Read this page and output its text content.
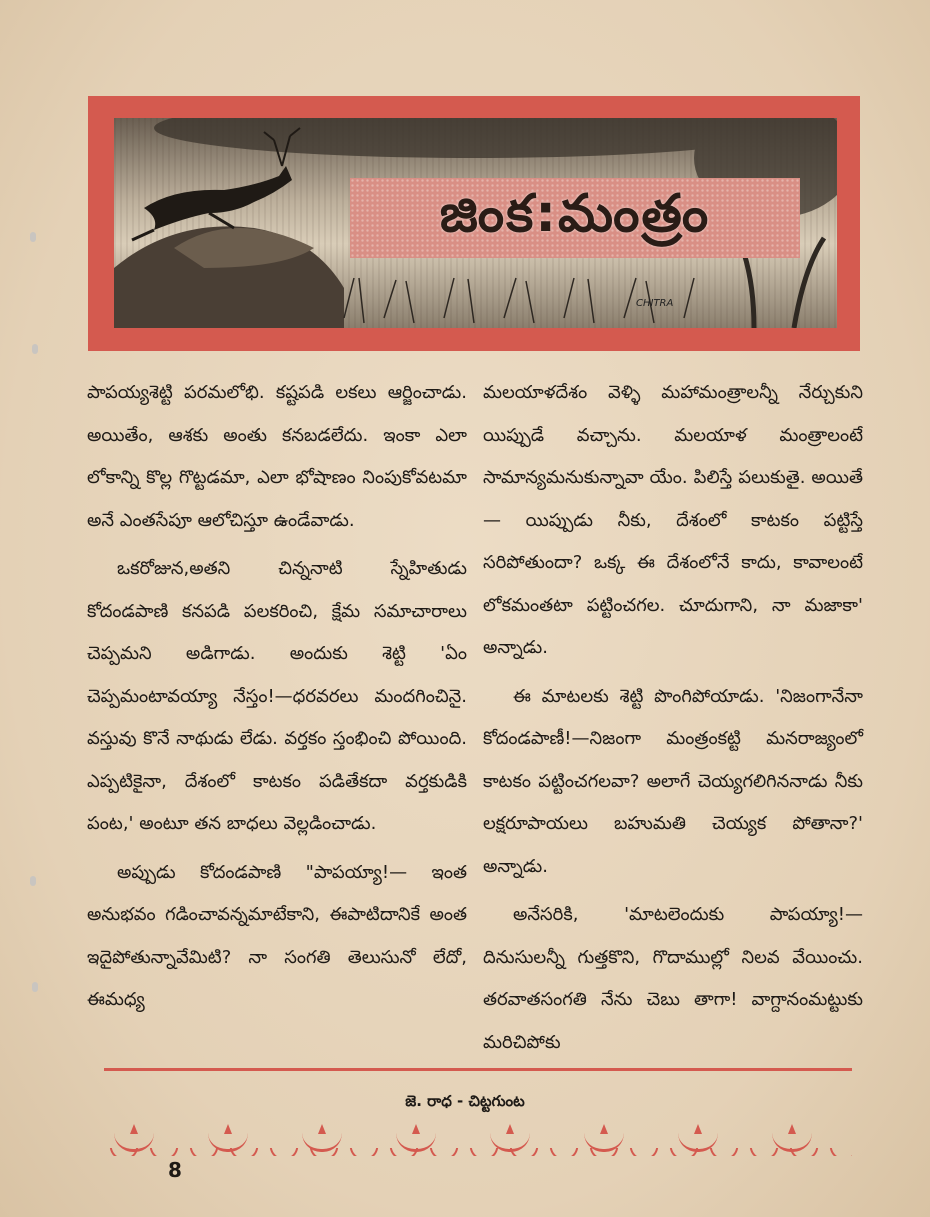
జింక:మంత్రం
CHITRA

పాపయ్యశెట్టి పరమలోభి. కష్టపడి లకలు ఆర్జించాడు. అయితేం, ఆశకు అంతు కనబడలేదు. ఇంకా ఎలా లోకాన్ని కొల్ల గొట్టడమా, ఎలా భోషాణం నింపుకోవటమా అనే ఎంతసేపూ ఆలోచిస్తూ ఉండేవాడు.

ఒకరోజున,అతని చిన్ననాటి స్నేహితుడు కోదండపాణి కనపడి పలకరించి, క్షేమ సమాచారాలు చెప్పమని అడిగాడు. అందుకు శెట్టి 'ఏం చెప్పమంటావయ్యా నేస్తం!—ధరవరలు మందగించినై. వస్తువు కొనే నాథుడు లేడు. వర్తకం స్తంభించి పోయింది. ఎప్పటికైనా, దేశంలో కాటకం పడితేకదా వర్తకుడికి పంట,' అంటూ తన బాధలు వెల్లడించాడు.

అప్పుడు కోదండపాణి "పాపయ్యా!— ఇంత అనుభవం గడించావన్నమాటేకాని, ఈపాటిదానికే అంత ఇదైపోతున్నావేమిటి? నా సంగతి తెలుసునో లేదో, ఈమధ్య

మలయాళదేశం వెళ్ళి మహామంత్రాలన్నీ నేర్చుకుని యిప్పుడే వచ్చాను. మలయాళ మంత్రాలంటే సామాన్యమనుకున్నావా యేం. పిలిస్తే పలుకుతై. అయితే— యిప్పుడు నీకు, దేశంలో కాటకం పట్టిస్తే సరిపోతుందా? ఒక్క ఈ దేశంలోనే కాదు, కావాలంటే లోకమంతటా పట్టించగల. చూదుగాని, నా మజాకా' అన్నాడు.

ఈ మాటలకు శెట్టి పొంగిపోయాడు. 'నిజంగానేనా కోదండపాణీ!—నిజంగా మంత్రంకట్టి మనరాజ్యంలో కాటకం పట్టించగలవా? అలాగే చెయ్యగలిగిననాడు నీకు లక్షరూపాయలు బహుమతి చెయ్యక పోతానా?' అన్నాడు.

అనేసరికి, 'మాటలెందుకు పాపయ్యా!— దినుసులన్నీ గుత్తకొని, గొదాముల్లో నిలవ వేయించు. తరవాతసంగతి నేను చెబు తాగా! వాగ్దానంమట్టుకు మరిచిపోకు

జె. రాధ - చిట్టగుంట
8
